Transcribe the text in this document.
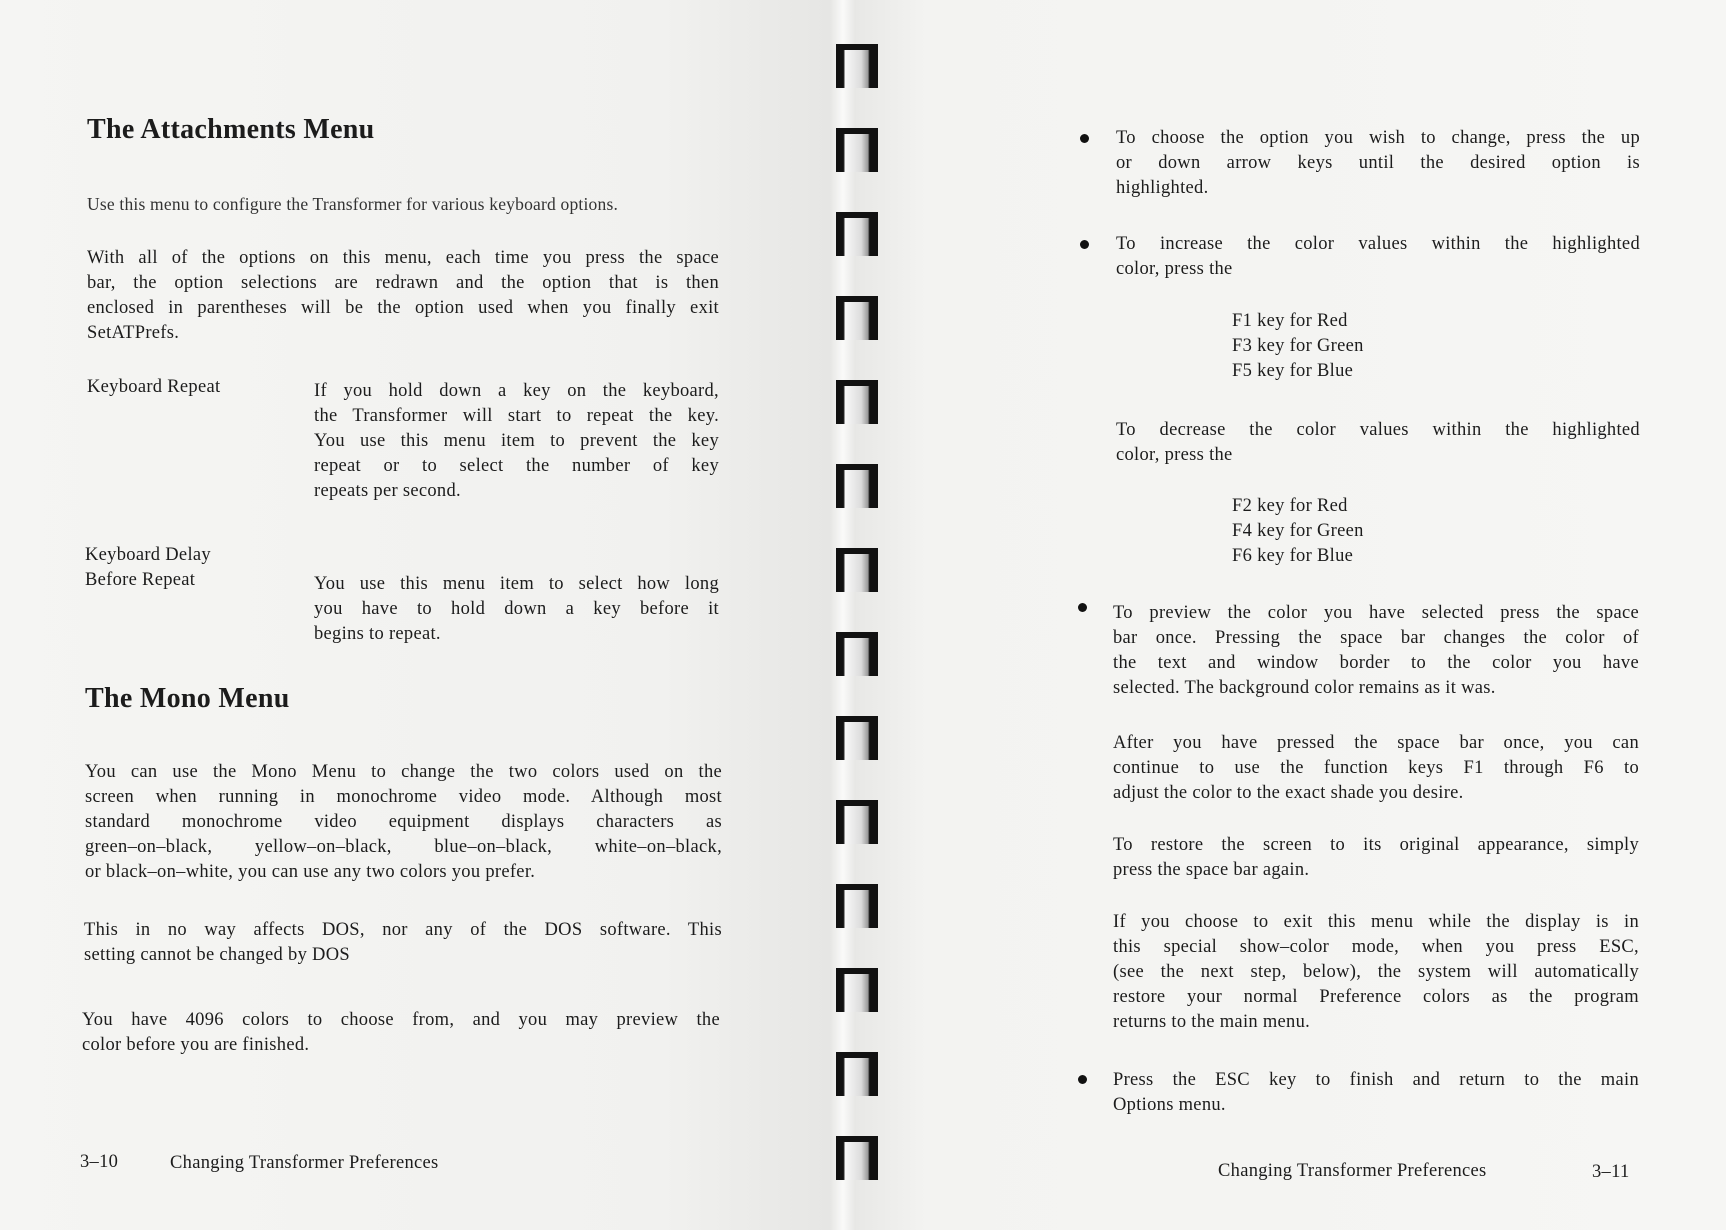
The Attachments Menu

Use this menu to configure the Transformer for various keyboard options.

With all of the options on this menu, each time you press the space
bar, the option selections are redrawn and the option that is then
enclosed in parentheses will be the option used when you finally exit
SetATPrefs.
Keyboard Repeat	If you hold down a key on the keyboard,
the Transformer will start to repeat the key.
You use this menu item to prevent the key
repeat or to select the number of key
repeats per second.
Keyboard Delay
Before Repeat	You use this menu item to select how long
you have to hold down a key before it
begins to repeat.
The Mono Menu
You can use the Mono Menu to change the two colors used on the
screen when running in monochrome video mode. Although most
standard monochrome video equipment displays characters as
green–on–black, yellow–on–black, blue–on–black, white–on–black,
or black–on–white, you can use any two colors you prefer.
This in no way affects DOS, nor any of the DOS software. This
setting cannot be changed by DOS
You have 4096 colors to choose from, and you may preview the
color before you are finished.

3–10	Changing Transformer Preferences

To choose the option you wish to change, press the up
or down arrow keys until the desired option is
highlighted.
To increase the color values within the highlighted
color, press the
F1 key for Red
F3 key for Green
F5 key for Blue
To decrease the color values within the highlighted
color, press the
F2 key for Red
F4 key for Green
F6 key for Blue
To preview the color you have selected press the space
bar once. Pressing the space bar changes the color of
the text and window border to the color you have
selected. The background color remains as it was.
After you have pressed the space bar once, you can
continue to use the function keys F1 through F6 to
adjust the color to the exact shade you desire.
To restore the screen to its original appearance, simply
press the space bar again.
If you choose to exit this menu while the display is in
this special show–color mode, when you press ESC,
(see the next step, below), the system will automatically
restore your normal Preference colors as the program
returns to the main menu.
Press the ESC key to finish and return to the main
Options menu.

Changing Transformer Preferences	3–11
